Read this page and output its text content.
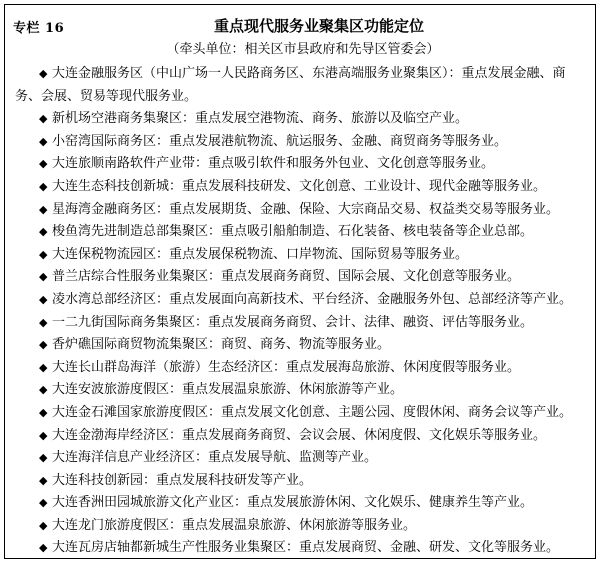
专栏 16	重点现代服务业聚集区功能定位
（牵头单位：相关区市县政府和先导区管委会）

◆ 大连金融服务区（中山广场一人民路商务区、东港高端服务业聚集区）：重点发展金融、商务、会展、贸易等现代服务业。

◆ 新机场空港商务集聚区：重点发展空港物流、商务、旅游以及临空产业。

◆ 小窑湾国际商务区：重点发展港航物流、航运服务、金融、商贸商务等服务业。

◆ 大连旅顺南路软件产业带：重点吸引软件和服务外包业、文化创意等服务业。

◆ 大连生态科技创新城：重点发展科技研发、文化创意、工业设计、现代金融等服务业。

◆ 星海湾金融商务区：重点发展期货、金融、保险、大宗商品交易、权益类交易等服务业。

◆ 梭鱼湾先进制造总部集聚区：重点吸引船舶制造、石化装备、核电装备等企业总部。

◆ 大连保税物流园区：重点发展保税物流、口岸物流、国际贸易等服务业。

◆ 普兰店综合性服务业集聚区：重点发展商务商贸、国际会展、文化创意等服务业。

◆ 凌水湾总部经济区：重点发展面向高新技术、平台经济、金融服务外包、总部经济等产业。

◆ 一二九街国际商务集聚区：重点发展商务商贸、会计、法律、融资、评估等服务业。

◆ 香炉礁国际商贸物流集聚区：商贸、商务、物流等服务业。

◆ 大连长山群岛海洋（旅游）生态经济区：重点发展海岛旅游、休闲度假等服务业。

◆ 大连安波旅游度假区：重点发展温泉旅游、休闲旅游等产业。

◆ 大连金石滩国家旅游度假区：重点发展文化创意、主题公园、度假休闲、商务会议等产业。

◆ 大连金渤海岸经济区：重点发展商务商贸、会议会展、休闲度假、文化娱乐等服务业。

◆ 大连海洋信息产业经济区：重点发展导航、监测等产业。

◆ 大连科技创新园：重点发展科技研发等产业。

◆ 大连香洲田园城旅游文化产业区：重点发展旅游休闲、文化娱乐、健康养生等产业。

◆ 大连龙门旅游度假区：重点发展温泉旅游、休闲旅游等服务业。

◆ 大连瓦房店轴都新城生产性服务业集聚区：重点发展商贸、金融、研发、文化等服务业。
